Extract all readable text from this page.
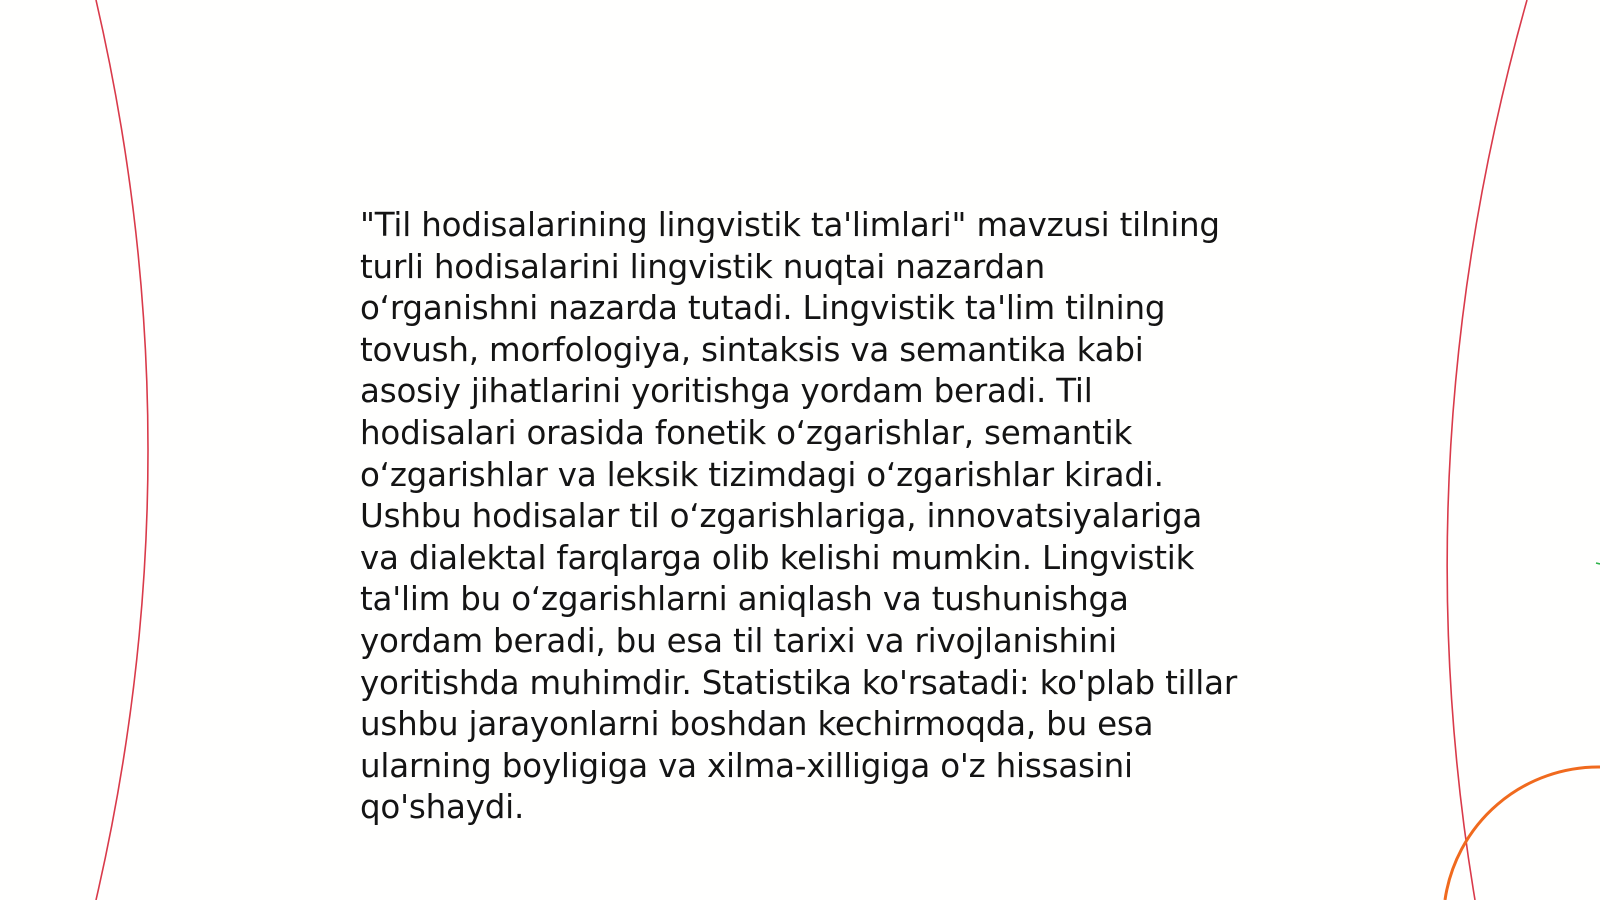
"Til hodisalarining lingvistik ta'limlari" mavzusi tilning
turli hodisalarini lingvistik nuqtai nazardan
o‘rganishni nazarda tutadi. Lingvistik ta'lim tilning
tovush, morfologiya, sintaksis va semantika kabi
asosiy jihatlarini yoritishga yordam beradi. Til
hodisalari orasida fonetik o‘zgarishlar, semantik
o‘zgarishlar va leksik tizimdagi o‘zgarishlar kiradi.
Ushbu hodisalar til o‘zgarishlariga, innovatsiyalariga
va dialektal farqlarga olib kelishi mumkin. Lingvistik
ta'lim bu o‘zgarishlarni aniqlash va tushunishga
yordam beradi, bu esa til tarixi va rivojlanishini
yoritishda muhimdir. Statistika ko'rsatadi: ko'plab tillar
ushbu jarayonlarni boshdan kechirmoqda, bu esa
ularning boyligiga va xilma-xilligiga o'z hissasini
qo'shaydi.
